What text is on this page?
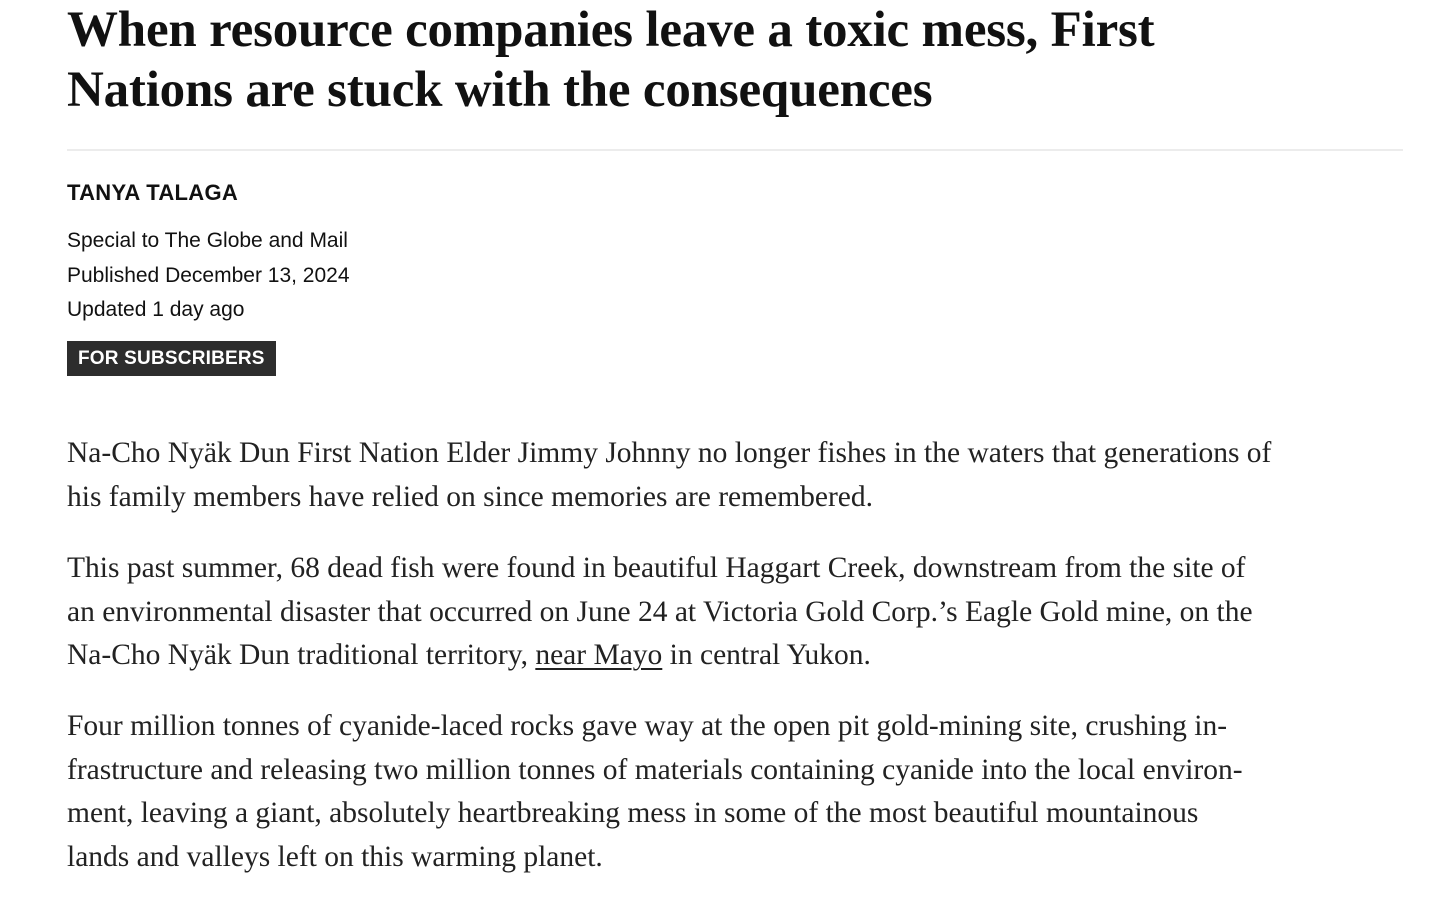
When resource companies leave a toxic mess, First
Nations are stuck with the consequences
TANYA TALAGA
Special to The Globe and Mail
Published December 13, 2024
Updated 1 day ago
FOR SUBSCRIBERS

Na-Cho Nyäk Dun First Nation Elder Jimmy Johnny no longer fishes in the waters that generations of
his family members have relied on since memories are remembered.

This past summer, 68 dead fish were found in beautiful Haggart Creek, downstream from the site of
an environmental disaster that occurred on June 24 at Victoria Gold Corp.’s Eagle Gold mine, on the
Na-Cho Nyäk Dun traditional territory, near Mayo in central Yukon.

Four million tonnes of cyanide-laced rocks gave way at the open pit gold-mining site, crushing in-
frastructure and releasing two million tonnes of materials containing cyanide into the local environ-
ment, leaving a giant, absolutely heartbreaking mess in some of the most beautiful mountainous
lands and valleys left on this warming planet.
